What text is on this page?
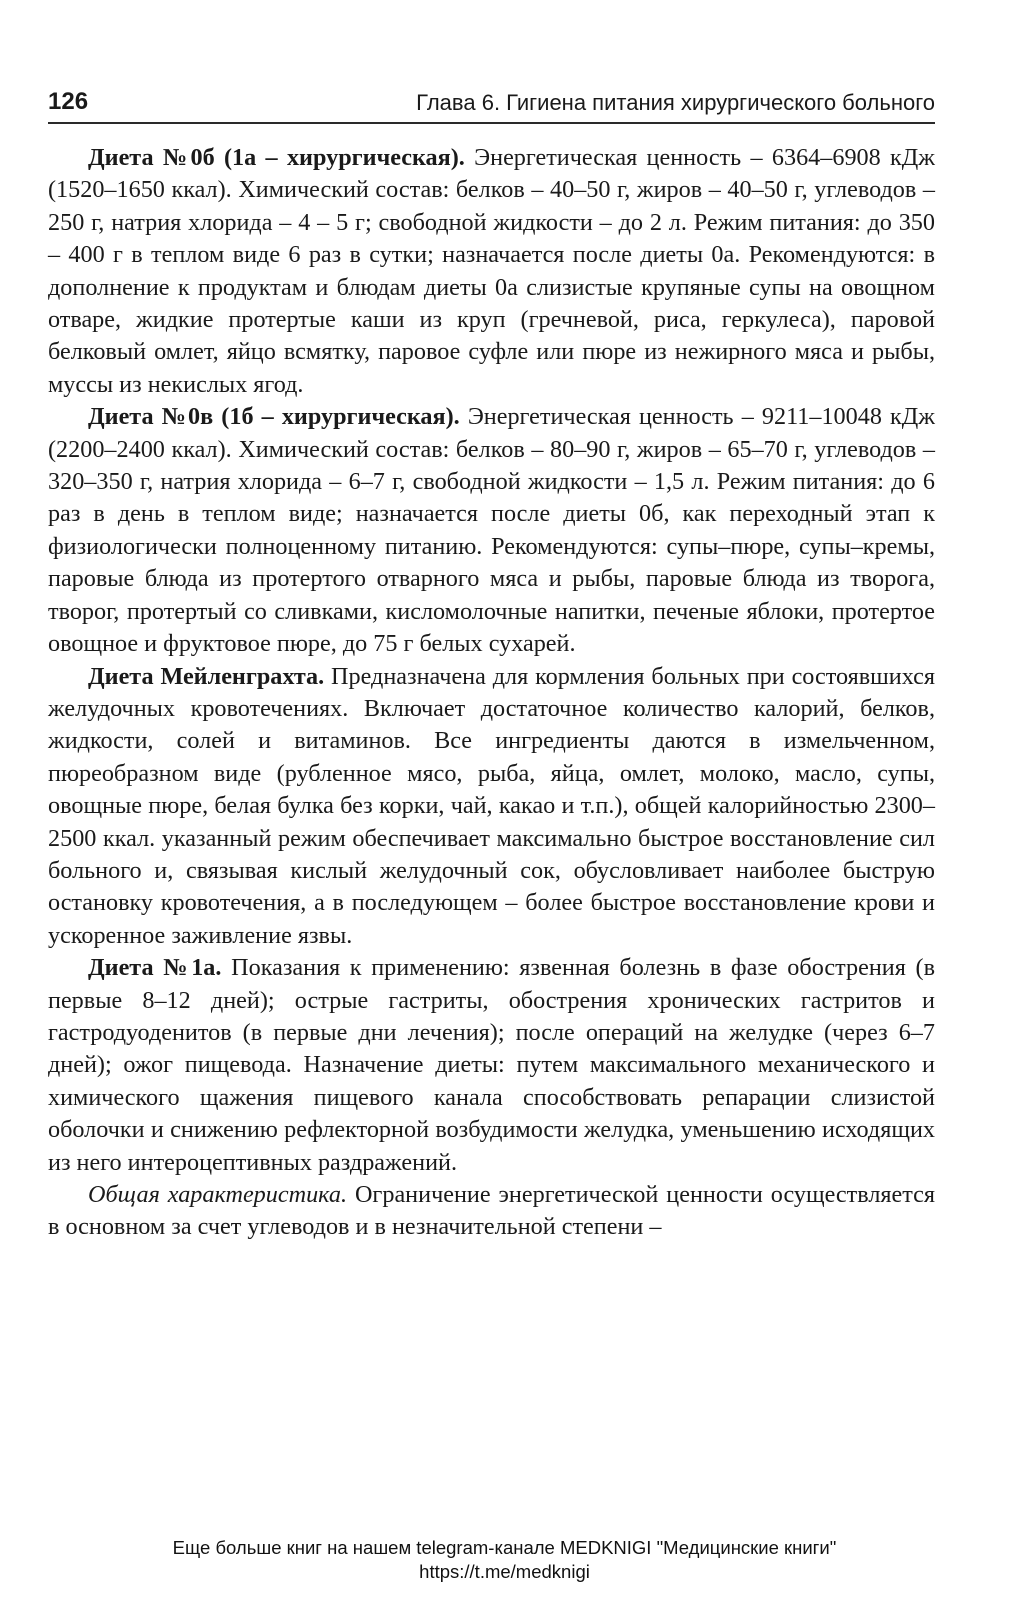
126	Глава 6. Гигиена питания хирургического больного

Диета №0б (1а – хирургическая). Энергетическая ценность – 6364–6908 кДж (1520–1650 ккал). Химический состав: белков – 40–50 г, жиров – 40–50 г, углеводов – 250 г, натрия хлорида – 4 – 5 г; свободной жидкости – до 2 л. Режим питания: до 350 – 400 г в теплом виде 6 раз в сутки; назначается после диеты 0а. Рекомендуются: в дополнение к продуктам и блюдам диеты 0а слизистые крупяные супы на овощном отваре, жидкие протертые каши из круп (гречневой, риса, геркулеса), паровой белковый омлет, яйцо всмятку, паровое суфле или пюре из нежирного мяса и рыбы, муссы из некислых ягод.

Диета №0в (1б – хирургическая). Энергетическая ценность – 9211–10048 кДж (2200–2400 ккал). Химический состав: белков – 80–90 г, жиров – 65–70 г, углеводов – 320–350 г, натрия хлорида – 6–7 г, свободной жидкости – 1,5 л. Режим питания: до 6 раз в день в теплом виде; назначается после диеты 0б, как переходный этап к физиологически полноценному питанию. Рекомендуются: супы–пюре, супы–кремы, паровые блюда из протертого отварного мяса и рыбы, паровые блюда из творога, творог, протертый со сливками, кисломолочные напитки, печеные яблоки, протертое овощное и фруктовое пюре, до 75 г белых сухарей.

Диета Мейленграхта. Предназначена для кормления больных при состоявшихся желудочных кровотечениях. Включает достаточное количество калорий, белков, жидкости, солей и витаминов. Все ингредиенты даются в измельченном, пюреобразном виде (рубленное мясо, рыба, яйца, омлет, молоко, масло, супы, овощные пюре, белая булка без корки, чай, какао и т.п.), общей калорийностью 2300–2500 ккал. указанный режим обеспечивает максимально быстрое восстановление сил больного и, связывая кислый желудочный сок, обусловливает наиболее быструю остановку кровотечения, а в последующем – более быстрое восстановление крови и ускоренное заживление язвы.

Диета №1а. Показания к применению: язвенная болезнь в фазе обострения (в первые 8–12 дней); острые гастриты, обострения хронических гастритов и гастродуоденитов (в первые дни лечения); после операций на желудке (через 6–7 дней); ожог пищевода. Назначение диеты: путем максимального механического и химического щажения пищевого канала способствовать репарации слизистой оболочки и снижению рефлекторной возбудимости желудка, уменьшению исходящих из него интероцептивных раздражений.

Общая характеристика. Ограничение энергетической ценности осуществляется в основном за счет углеводов и в незначительной степени –

Еще больше книг на нашем telegram-канале MEDKNIGI "Медицинские книги"
https://t.me/medknigi
